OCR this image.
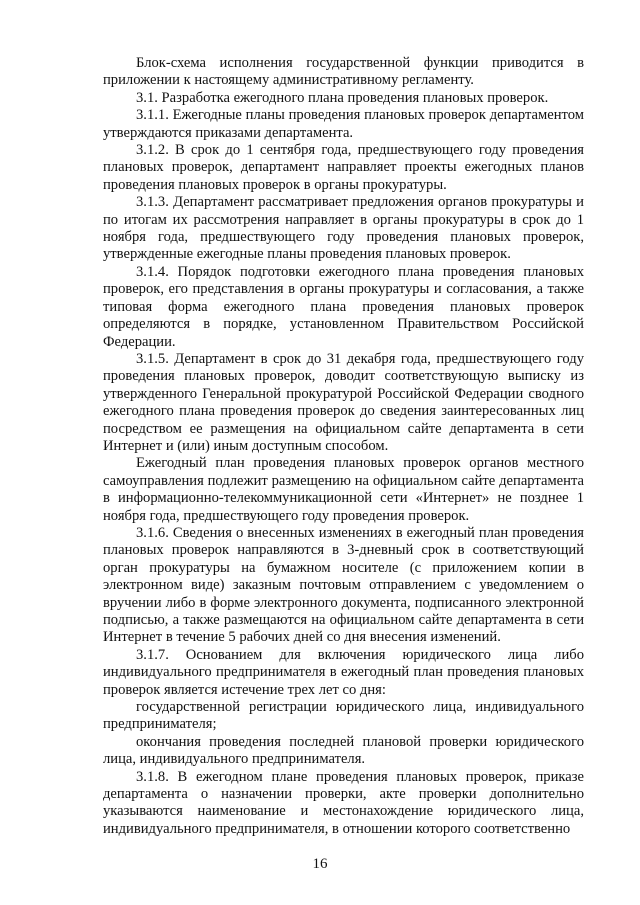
Блок-схема исполнения государственной функции приводится в приложении к настоящему административному регламенту.

3.1. Разработка ежегодного плана проведения плановых проверок.

3.1.1. Ежегодные планы проведения плановых проверок департаментом утверждаются приказами департамента.

3.1.2. В срок до 1 сентября года, предшествующего году проведения плановых проверок, департамент направляет проекты ежегодных планов проведения плановых проверок в органы прокуратуры.

3.1.3. Департамент рассматривает предложения органов прокуратуры и по итогам их рассмотрения направляет в органы прокуратуры в срок до 1 ноября года, предшествующего году проведения плановых проверок, утвержденные ежегодные планы проведения плановых проверок.

3.1.4. Порядок подготовки ежегодного плана проведения плановых проверок, его представления в органы прокуратуры и согласования, а также типовая форма ежегодного плана проведения плановых проверок определяются в порядке, установленном Правительством Российской Федерации.

3.1.5. Департамент в срок до 31 декабря года, предшествующего году проведения плановых проверок, доводит соответствующую выписку из утвержденного Генеральной прокуратурой Российской Федерации сводного ежегодного плана проведения проверок до сведения заинтересованных лиц посредством ее размещения на официальном сайте департамента в сети Интернет и (или) иным доступным способом.

Ежегодный план проведения плановых проверок органов местного самоуправления подлежит размещению на официальном сайте департамента в информационно-телекоммуникационной сети «Интернет» не позднее 1 ноября года, предшествующего году проведения проверок.

3.1.6. Сведения о внесенных изменениях в ежегодный план проведения плановых проверок направляются в 3-дневный срок в соответствующий орган прокуратуры на бумажном носителе (с приложением копии в электронном виде) заказным почтовым отправлением с уведомлением о вручении либо в форме электронного документа, подписанного электронной подписью, а также размещаются на официальном сайте департамента в сети Интернет в течение 5 рабочих дней со дня внесения изменений.

3.1.7. Основанием для включения юридического лица либо индивидуального предпринимателя в ежегодный план проведения плановых проверок является истечение трех лет со дня:

государственной регистрации юридического лица, индивидуального предпринимателя;

окончания проведения последней плановой проверки юридического лица, индивидуального предпринимателя.

3.1.8. В ежегодном плане проведения плановых проверок, приказе департамента о назначении проверки, акте проверки дополнительно указываются наименование и местонахождение юридического лица, индивидуального предпринимателя, в отношении которого соответственно

16
